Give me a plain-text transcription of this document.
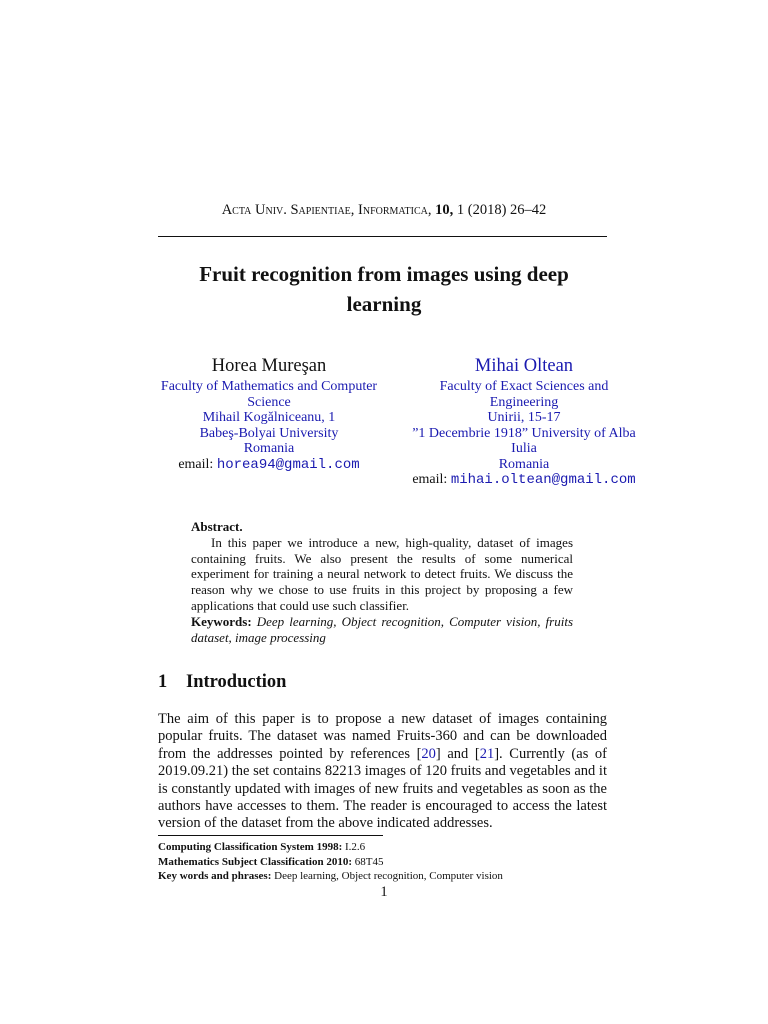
Acta Univ. Sapientiae, Informatica, 10, 1 (2018) 26–42
Fruit recognition from images using deep
learning
Horea Mureşan
Faculty of Mathematics and Computer
Science
Mihail Kogălniceanu, 1
Babeş-Bolyai University
Romania
email: horea94@gmail.com
Mihai Oltean
Faculty of Exact Sciences and
Engineering
Unirii, 15-17
”1 Decembrie 1918” University of Alba
Iulia
Romania
email: mihai.oltean@gmail.com
Abstract.
In this paper we introduce a new, high-quality, dataset of images containing fruits. We also present the results of some numerical experiment for training a neural network to detect fruits. We discuss the reason why we chose to use fruits in this project by proposing a few applications that could use such classifier.
Keywords: Deep learning, Object recognition, Computer vision, fruits dataset, image processing
1 Introduction
The aim of this paper is to propose a new dataset of images containing popular fruits. The dataset was named Fruits-360 and can be downloaded from the addresses pointed by references [20] and [21]. Currently (as of 2019.09.21) the set contains 82213 images of 120 fruits and vegetables and it is constantly updated with images of new fruits and vegetables as soon as the authors have accesses to them. The reader is encouraged to access the latest version of the dataset from the above indicated addresses.
Computing Classification System 1998: I.2.6
Mathematics Subject Classification 2010: 68T45
Key words and phrases: Deep learning, Object recognition, Computer vision
1
